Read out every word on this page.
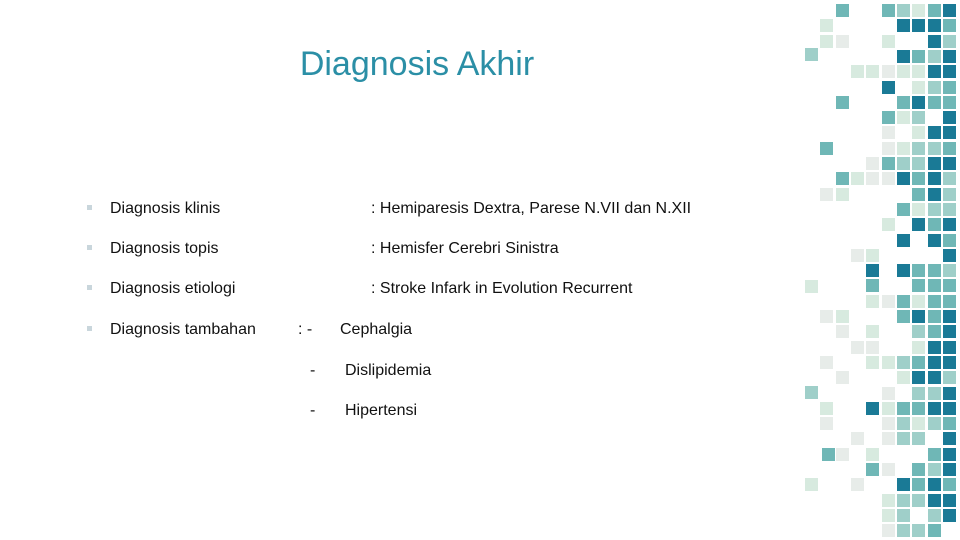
Diagnosis Akhir
Diagnosis klinis	: Hemiparesis Dextra, Parese N.VII dan N.XII
Diagnosis topis	: Hemisfer Cerebri Sinistra
Diagnosis etiologi	: Stroke Infark in Evolution Recurrent
Diagnosis tambahan	: - Cephalgia
- Dislipidemia
- Hipertensi
